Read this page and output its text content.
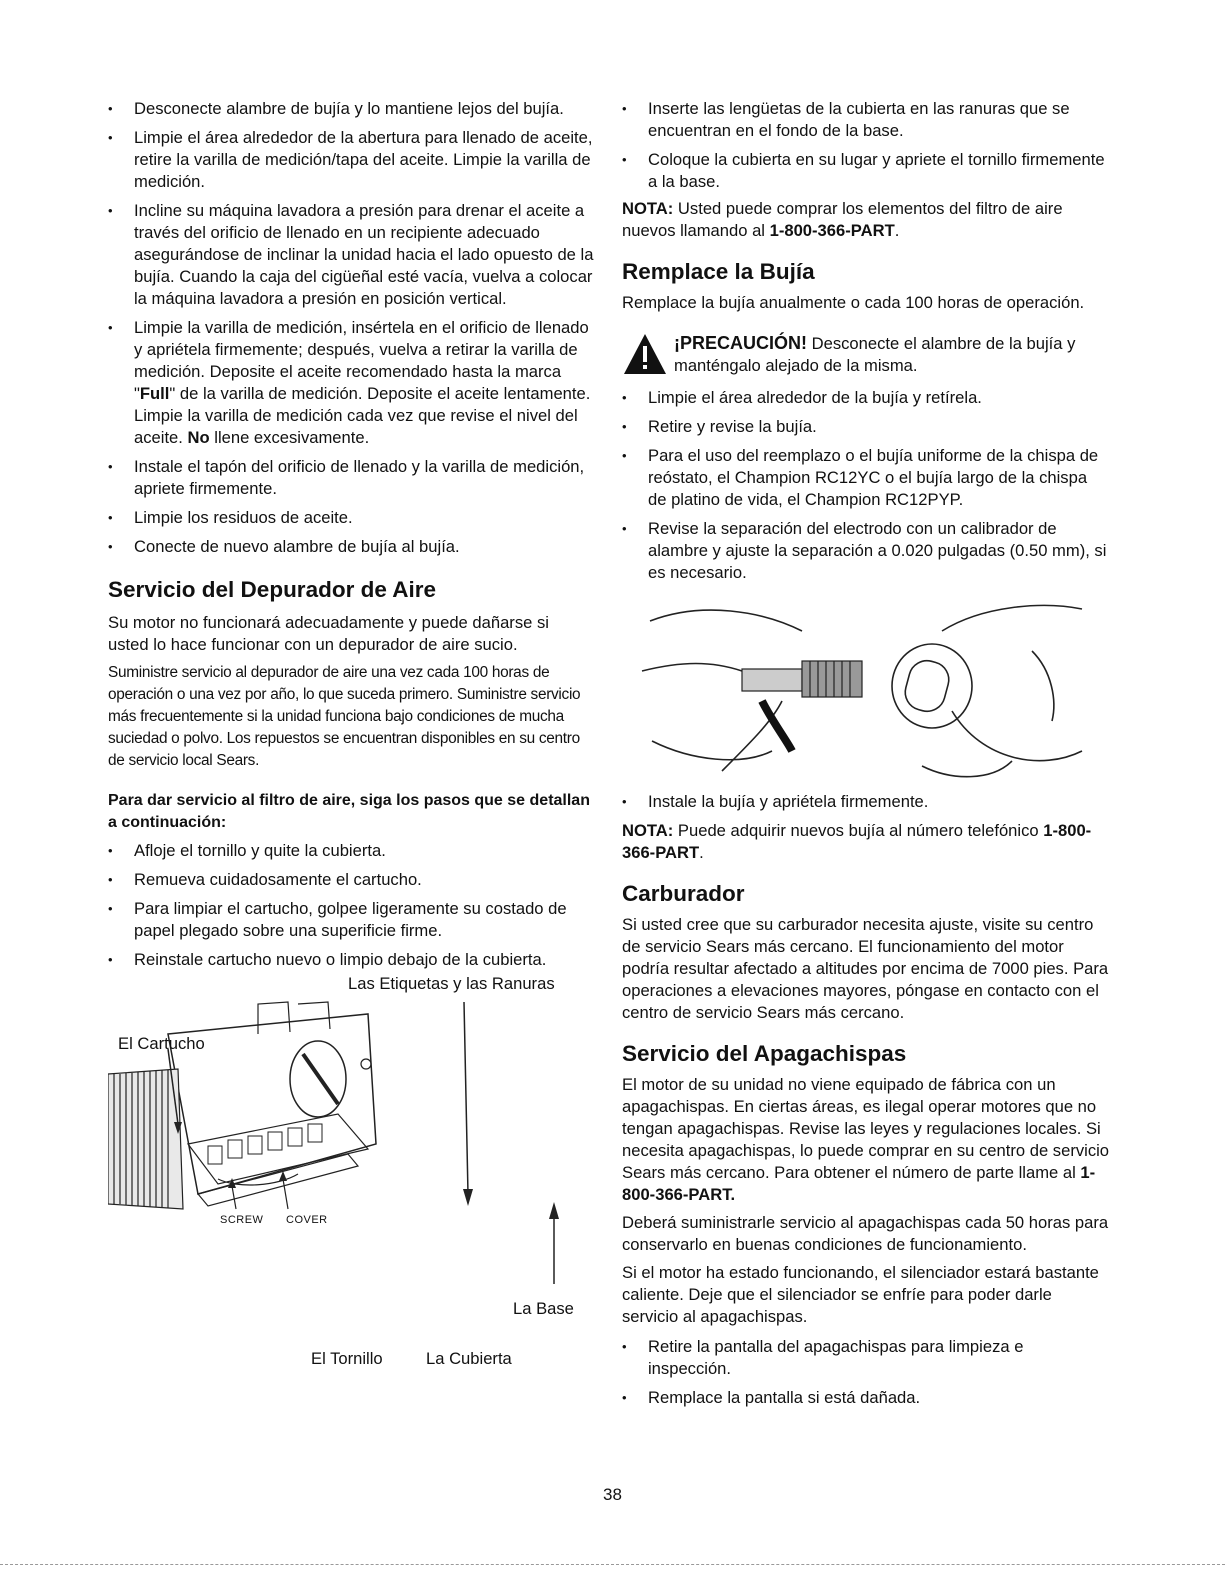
• Desconecte alambre de bujía y lo mantiene lejos del bujía.
• Limpie el área alrededor de la abertura para llenado de aceite, retire la varilla de medición/tapa del aceite. Limpie la varilla de medición.
• Incline su máquina lavadora a presión para drenar el aceite a través del orificio de llenado en un recipiente adecuado asegurándose de inclinar la unidad hacia el lado opuesto de la bujía. Cuando la caja del cigüeñal esté vacía, vuelva a colocar la máquina lavadora a presión en posición vertical.
• Limpie la varilla de medición, insértela en el orificio de llenado y apriétela firmemente; después, vuelva a retirar la varilla de medición. Deposite el aceite recomendado hasta la marca "Full" de la varilla de medición. Deposite el aceite lentamente. Limpie la varilla de medición cada vez que revise el nivel del aceite. No llene excesivamente.
• Instale el tapón del orificio de llenado y la varilla de medición, apriete firmemente.
• Limpie los residuos de aceite.
• Conecte de nuevo alambre de bujía al bujía.
Servicio del Depurador de Aire

Su motor no funcionará adecuadamente y puede dañarse si usted lo hace funcionar con un depurador de aire sucio.

Suministre servicio al depurador de aire una vez cada 100 horas de operación o una vez por año, lo que suceda primero. Suministre servicio más frecuentemente si la unidad funciona bajo condiciones de mucha suciedad o polvo. Los repuestos se encuentran disponibles en su centro de servicio local Sears.

Para dar servicio al filtro de aire, siga los pasos que se detallan a continuación:

• Afloje el tornillo y quite la cubierta.
• Remueva cuidadosamente el cartucho.
• Para limpiar el cartucho, golpee ligeramente su costado de papel plegado sobre una superificie firme.
• Reinstale cartucho nuevo o limpio debajo de la cubierta.
Las Etiquetas y las Ranuras
El Cartucho
SCREW COVER
La Base
El Tornillo	La Cubierta
• Inserte las lengüetas de la cubierta en las ranuras que se encuentran en el fondo de la base.
• Coloque la cubierta en su lugar y apriete el tornillo firmemente a la base.

NOTA: Usted puede comprar los elementos del filtro de aire nuevos llamando al 1-800-366-PART.

Remplace la Bujía

Remplace la bujía anualmente o cada 100 horas de operación.

¡PRECAUCIÓN! Desconecte el alambre de la bujía y manténgalo alejado de la misma.

• Limpie el área alrededor de la bujía y retírela.
• Retire y revise la bujía.
• Para el uso del reemplazo o el bujía uniforme de la chispa de reóstato, el Champion RC12YC o el bujía largo de la chispa de platino de vida, el Champion RC12PYP.
• Revise la separación del electrodo con un calibrador de alambre y ajuste la separación a 0.020 pulgadas (0.50 mm), si es necesario.
• Instale la bujía y apriétela firmemente.

NOTA: Puede adquirir nuevos bujía al número telefónico 1-800-366-PART.

Carburador

Si usted cree que su carburador necesita ajuste, visite su centro de servicio Sears más cercano. El funcionamiento del motor podría resultar afectado a altitudes por encima de 7000 pies. Para operaciones a elevaciones mayores, póngase en contacto con el centro de servicio Sears más cercano.

Servicio del Apagachispas

El motor de su unidad no viene equipado de fábrica con un apagachispas. En ciertas áreas, es ilegal operar motores que no tengan apagachispas. Revise las leyes y regulaciones locales. Si necesita apagachispas, lo puede comprar en su centro de servicio Sears más cercano. Para obtener el número de parte llame al 1-800-366-PART.

Deberá suministrarle servicio al apagachispas cada 50 horas para conservarlo en buenas condiciones de funcionamiento.

Si el motor ha estado funcionando, el silenciador estará bastante caliente. Deje que el silenciador se enfríe para poder darle servicio al apagachispas.

• Retire la pantalla del apagachispas para limpieza e inspección.
• Remplace la pantalla si está dañada.
38
